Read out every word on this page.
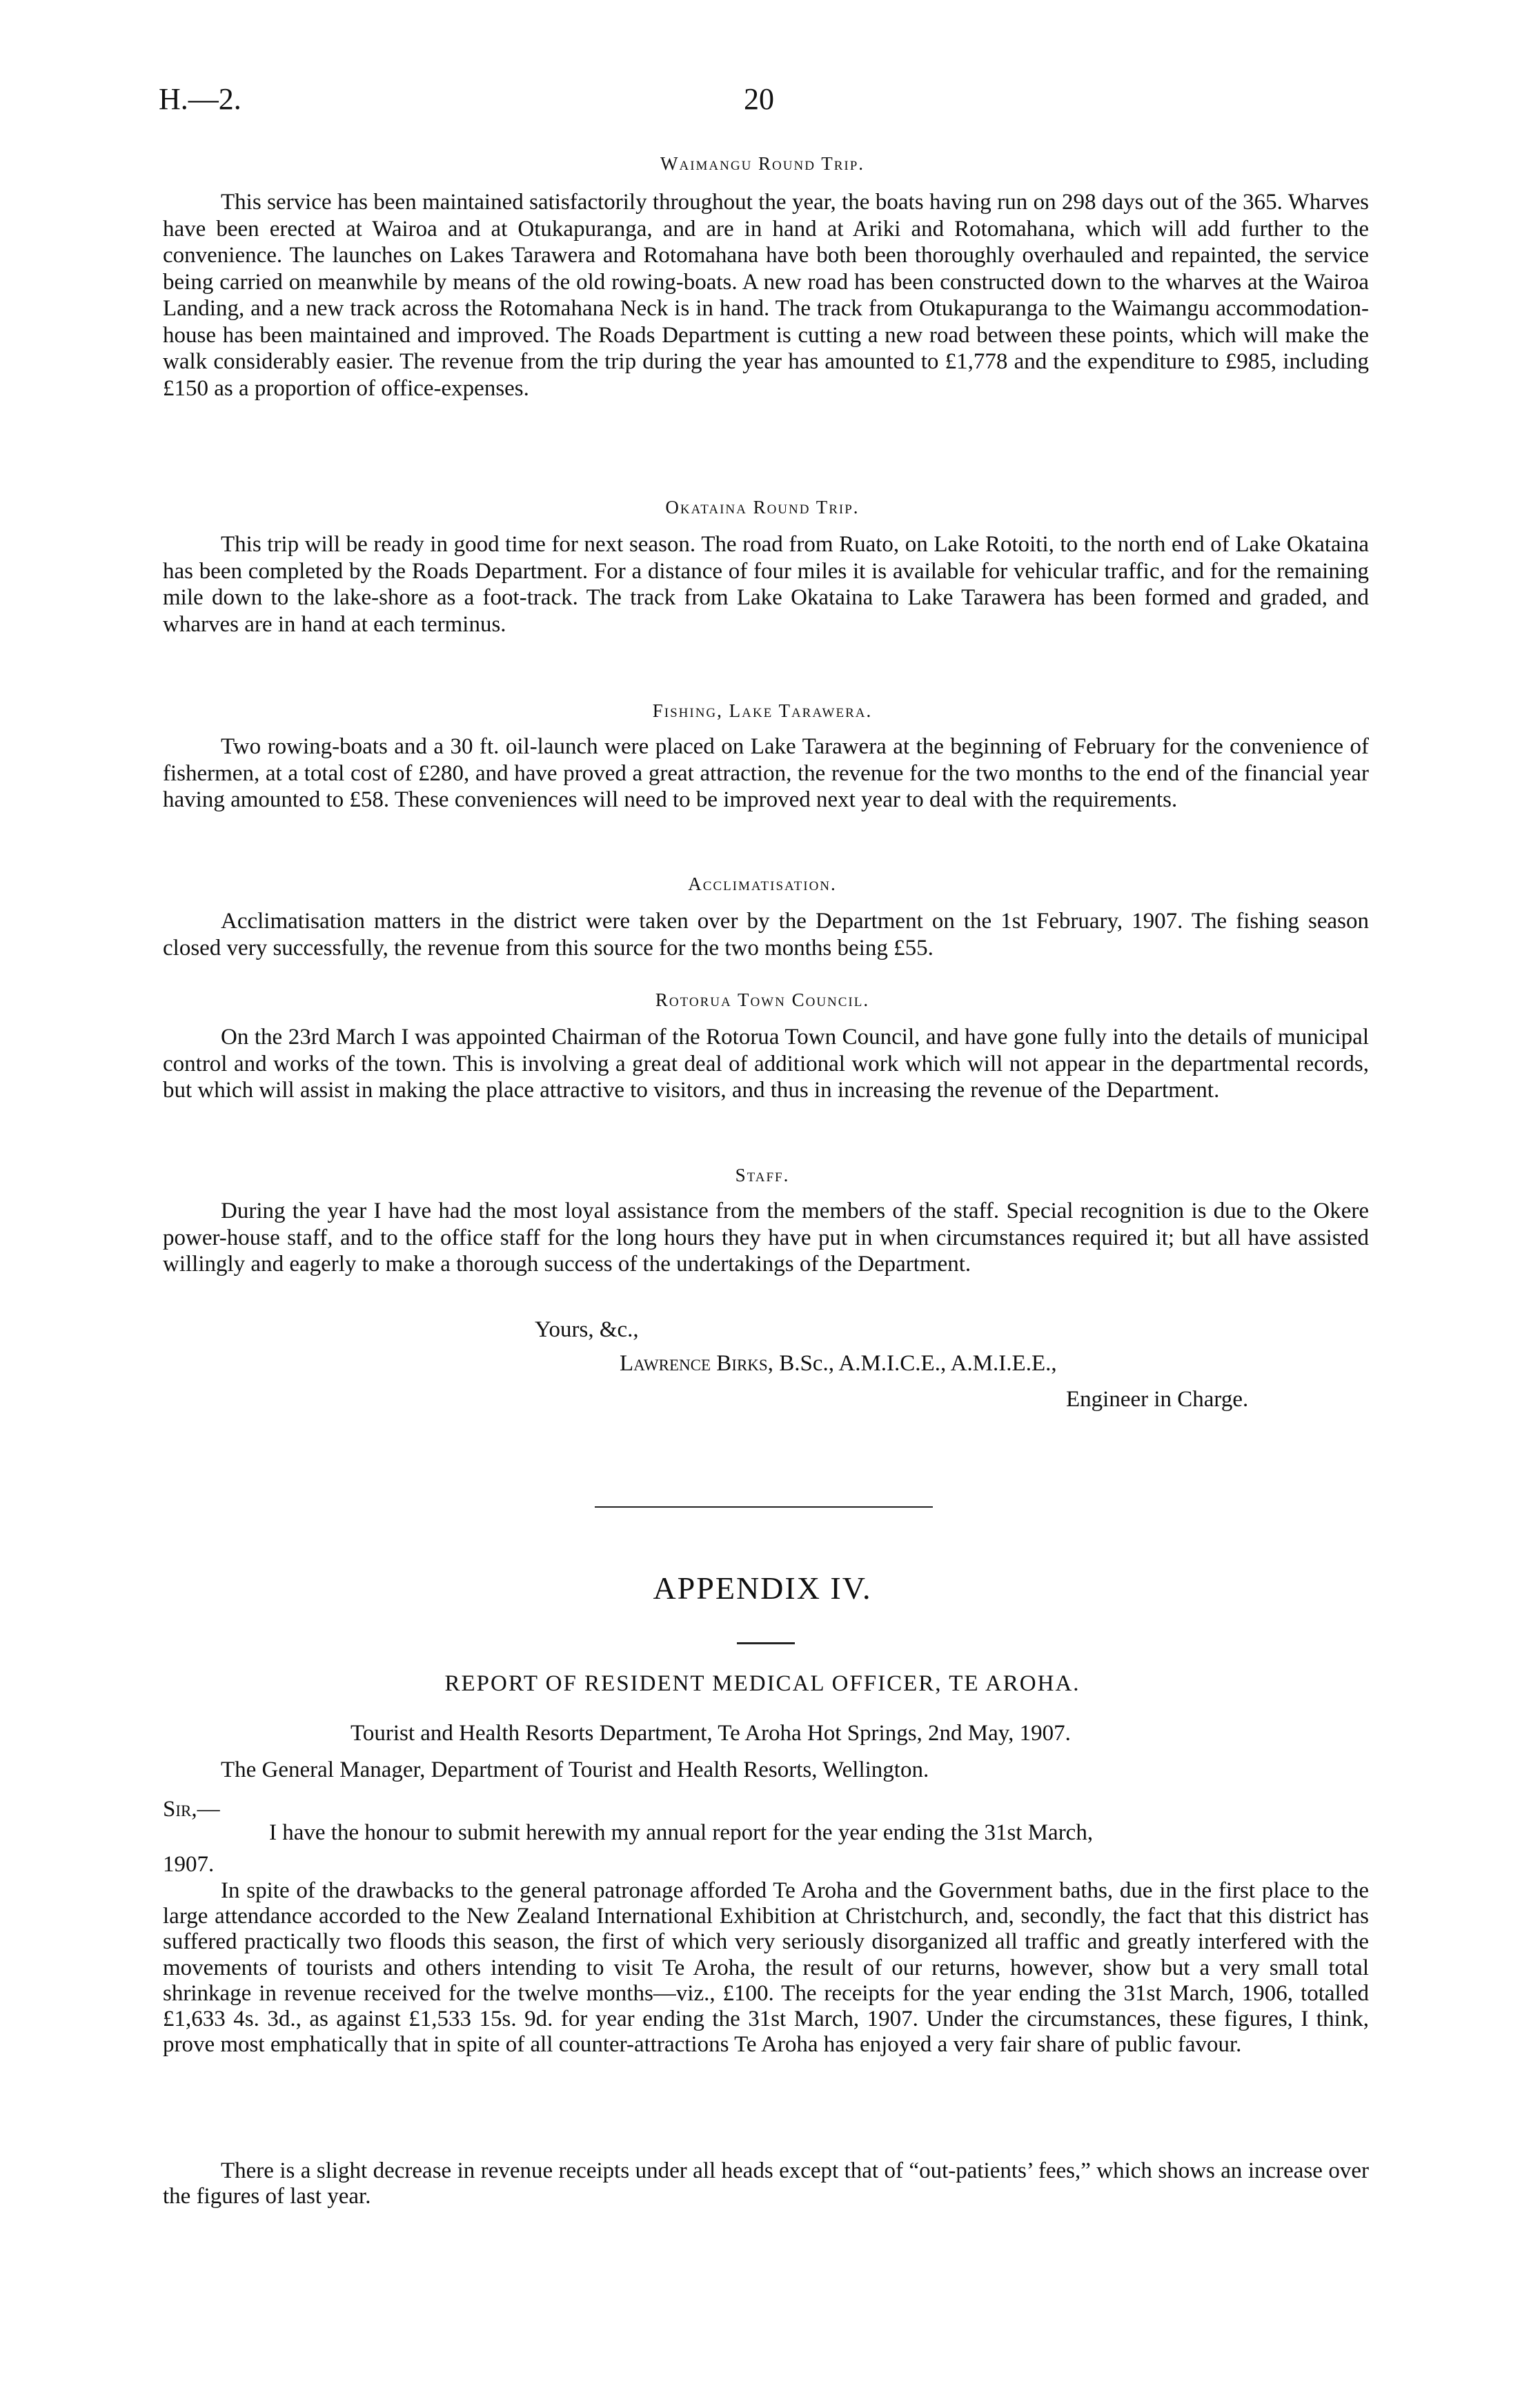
H.—2.	20
Waimangu Round Trip.

This service has been maintained satisfactorily throughout the year, the boats having run on 298 days out of the 365. Wharves have been erected at Wairoa and at Otukapuranga, and are in hand at Ariki and Rotomahana, which will add further to the convenience. The launches on Lakes Tarawera and Rotomahana have both been thoroughly overhauled and repainted, the service being carried on meanwhile by means of the old rowing-boats. A new road has been constructed down to the wharves at the Wairoa Landing, and a new track across the Rotomahana Neck is in hand. The track from Otukapuranga to the Waimangu accommodation-house has been maintained and improved. The Roads Department is cutting a new road between these points, which will make the walk considerably easier. The revenue from the trip during the year has amounted to £1,778 and the expenditure to £985, including £150 as a proportion of office-expenses.

Okataina Round Trip.

This trip will be ready in good time for next season. The road from Ruato, on Lake Rotoiti, to the north end of Lake Okataina has been completed by the Roads Department. For a distance of four miles it is available for vehicular traffic, and for the remaining mile down to the lake-shore as a foot-track. The track from Lake Okataina to Lake Tarawera has been formed and graded, and wharves are in hand at each terminus.

Fishing, Lake Tarawera.

Two rowing-boats and a 30 ft. oil-launch were placed on Lake Tarawera at the beginning of February for the convenience of fishermen, at a total cost of £280, and have proved a great attraction, the revenue for the two months to the end of the financial year having amounted to £58. These conveniences will need to be improved next year to deal with the requirements.

Acclimatisation.

Acclimatisation matters in the district were taken over by the Department on the 1st February, 1907. The fishing season closed very successfully, the revenue from this source for the two months being £55.

Rotorua Town Council.

On the 23rd March I was appointed Chairman of the Rotorua Town Council, and have gone fully into the details of municipal control and works of the town. This is involving a great deal of additional work which will not appear in the departmental records, but which will assist in making the place attractive to visitors, and thus in increasing the revenue of the Department.

Staff.

During the year I have had the most loyal assistance from the members of the staff. Special recognition is due to the Okere power-house staff, and to the office staff for the long hours they have put in when circumstances required it; but all have assisted willingly and eagerly to make a thorough success of the undertakings of the Department.

Yours, &c.,
Lawrence Birks, B.Sc., A.M.I.C.E., A.M.I.E.E.,
Engineer in Charge.
APPENDIX IV.
REPORT OF RESIDENT MEDICAL OFFICER, TE AROHA.
Tourist and Health Resorts Department, Te Aroha Hot Springs, 2nd May, 1907.
The General Manager, Department of Tourist and Health Resorts, Wellington.
Sir,—
I have the honour to submit herewith my annual report for the year ending the 31st March,
1907.

In spite of the drawbacks to the general patronage afforded Te Aroha and the Government baths, due in the first place to the large attendance accorded to the New Zealand International Exhibition at Christchurch, and, secondly, the fact that this district has suffered practically two floods this season, the first of which very seriously disorganized all traffic and greatly interfered with the movements of tourists and others intending to visit Te Aroha, the result of our returns, however, show but a very small total shrinkage in revenue received for the twelve months—viz., £100. The receipts for the year ending the 31st March, 1906, totalled £1,633 4s. 3d., as against £1,533 15s. 9d. for year ending the 31st March, 1907. Under the circumstances, these figures, I think, prove most emphatically that in spite of all counter-attractions Te Aroha has enjoyed a very fair share of public favour.

There is a slight decrease in revenue receipts under all heads except that of “out-patients’ fees,” which shows an increase over the figures of last year.
